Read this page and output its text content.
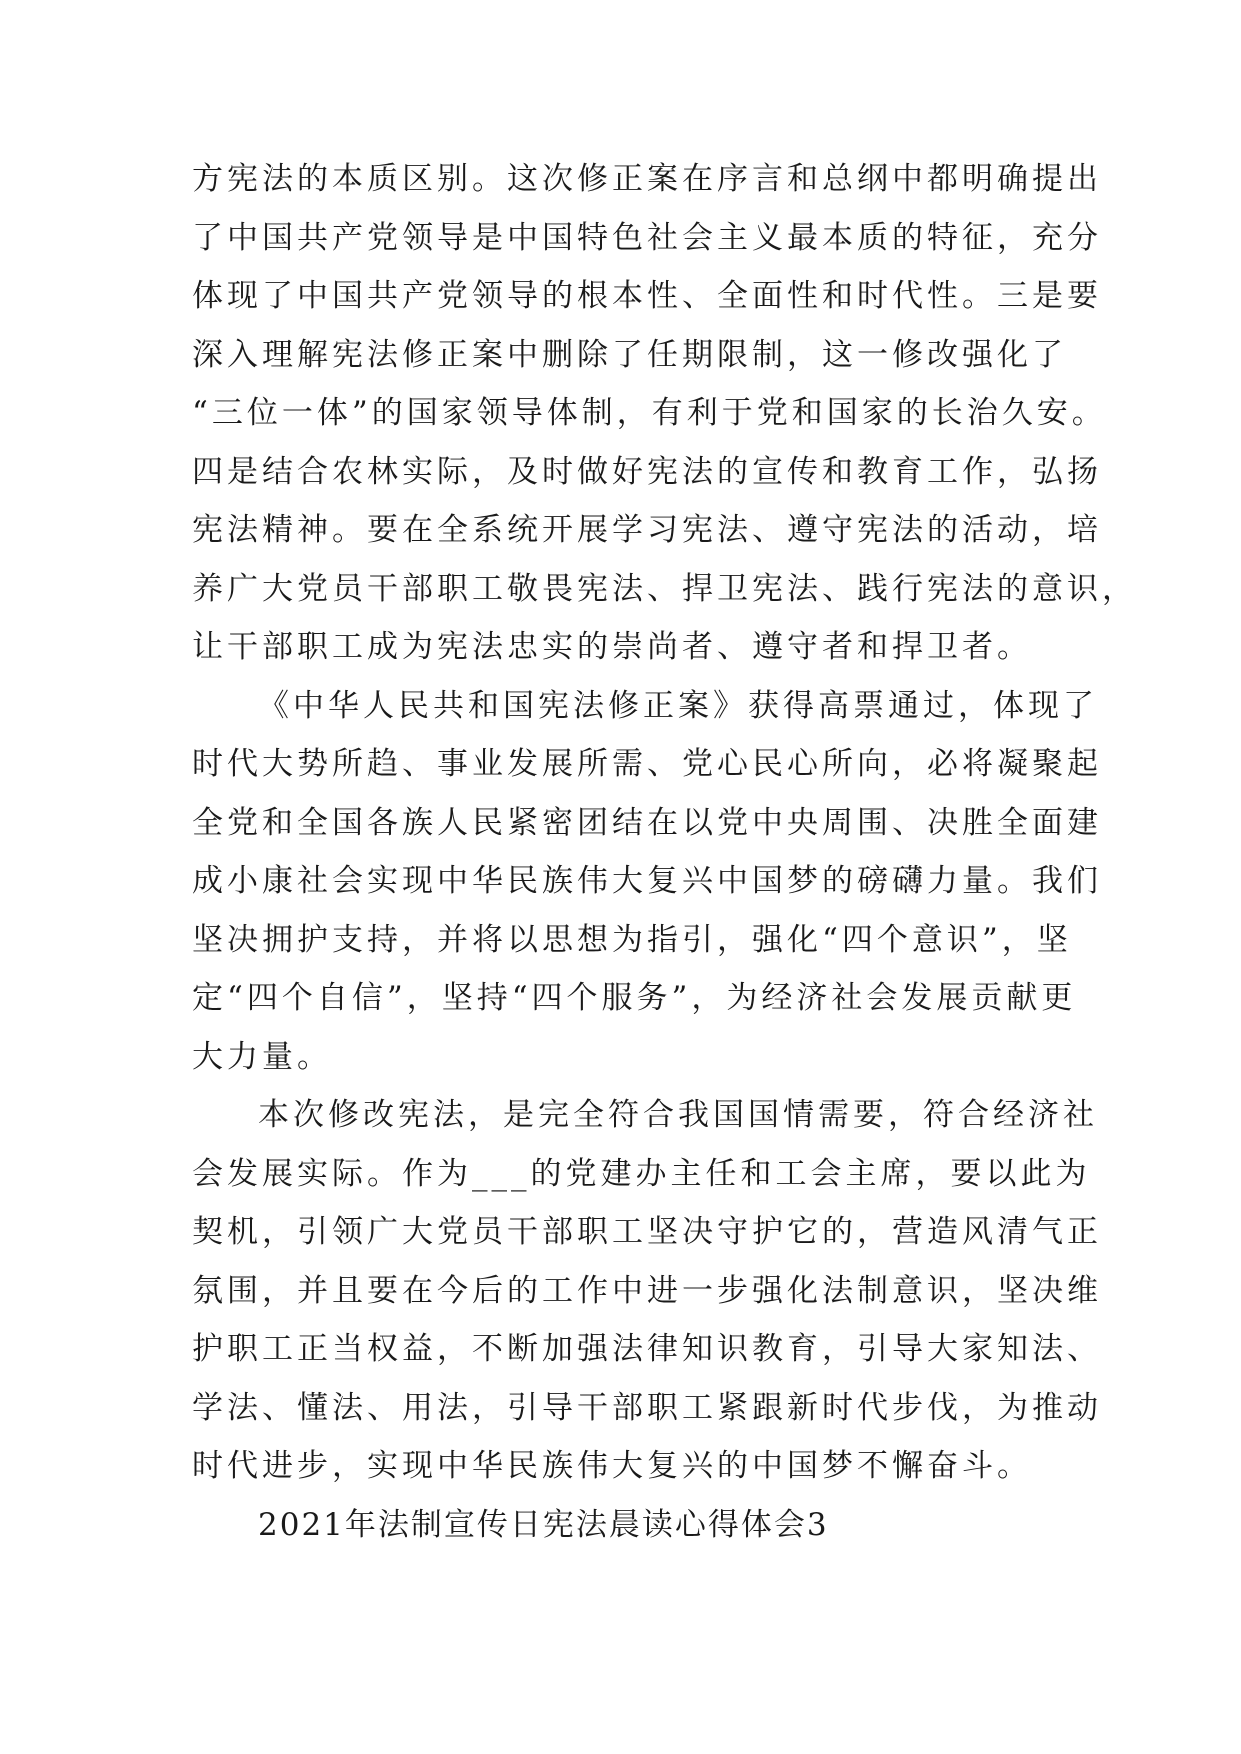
方宪法的本质区别。这次修正案在序言和总纲中都明确提出
了中国共产党领导是中国特色社会主义最本质的特征，充分
体现了中国共产党领导的根本性、全面性和时代性。三是要
深入理解宪法修正案中删除了任期限制，这一修改强化了
“三位一体”的国家领导体制，有利于党和国家的长治久安。
四是结合农林实际，及时做好宪法的宣传和教育工作，弘扬
宪法精神。要在全系统开展学习宪法、遵守宪法的活动，培
养广大党员干部职工敬畏宪法、捍卫宪法、践行宪法的意识，
让干部职工成为宪法忠实的崇尚者、遵守者和捍卫者。
《中华人民共和国宪法修正案》获得高票通过，体现了
时代大势所趋、事业发展所需、党心民心所向，必将凝聚起
全党和全国各族人民紧密团结在以党中央周围、决胜全面建
成小康社会实现中华民族伟大复兴中国梦的磅礴力量。我们
坚决拥护支持，并将以思想为指引，强化“四个意识”，坚
定“四个自信”，坚持“四个服务”，为经济社会发展贡献更
大力量。
本次修改宪法，是完全符合我国国情需要，符合经济社
会发展实际。作为___的党建办主任和工会主席，要以此为
契机，引领广大党员干部职工坚决守护它的，营造风清气正
氛围，并且要在今后的工作中进一步强化法制意识，坚决维
护职工正当权益，不断加强法律知识教育，引导大家知法、
学法、懂法、用法，引导干部职工紧跟新时代步伐，为推动
时代进步，实现中华民族伟大复兴的中国梦不懈奋斗。
2021年法制宣传日宪法晨读心得体会3
